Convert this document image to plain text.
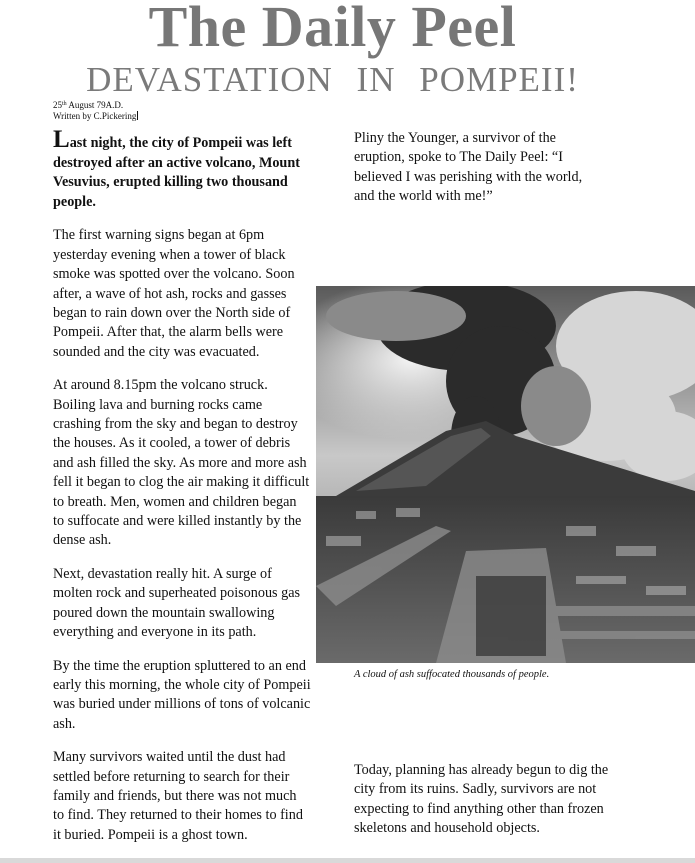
The Daily Peel
DEVASTATION IN POMPEII!
25th August 79A.D.
Written by C.Pickering

Last night, the city of Pompeii was left destroyed after an active volcano, Mount Vesuvius, erupted killing two thousand people.

The first warning signs began at 6pm yesterday evening when a tower of black smoke was spotted over the volcano. Soon after, a wave of hot ash, rocks and gasses began to rain down over the North side of Pompeii. After that, the alarm bells were sounded and the city was evacuated.

At around 8.15pm the volcano struck. Boiling lava and burning rocks came crashing from the sky and began to destroy the houses. As it cooled, a tower of debris and ash filled the sky. As more and more ash fell it began to clog the air making it difficult to breath. Men, women and children began to suffocate and were killed instantly by the dense ash.

Next, devastation really hit. A surge of molten rock and superheated poisonous gas poured down the mountain swallowing everything and everyone in its path.

By the time the eruption spluttered to an end early this morning, the whole city of Pompeii was buried under millions of tons of volcanic ash.

Many survivors waited until the dust had settled before returning to search for their family and friends, but there was not much to find. They returned to their homes to find it buried. Pompeii is a ghost town.

Pliny the Younger, a survivor of the eruption, spoke to The Daily Peel: “I believed I was perishing with the world, and the world with me!”

A cloud of ash suffocated thousands of people.

Today, planning has already begun to dig the city from its ruins. Sadly, survivors are not expecting to find anything other than frozen skeletons and household objects.
